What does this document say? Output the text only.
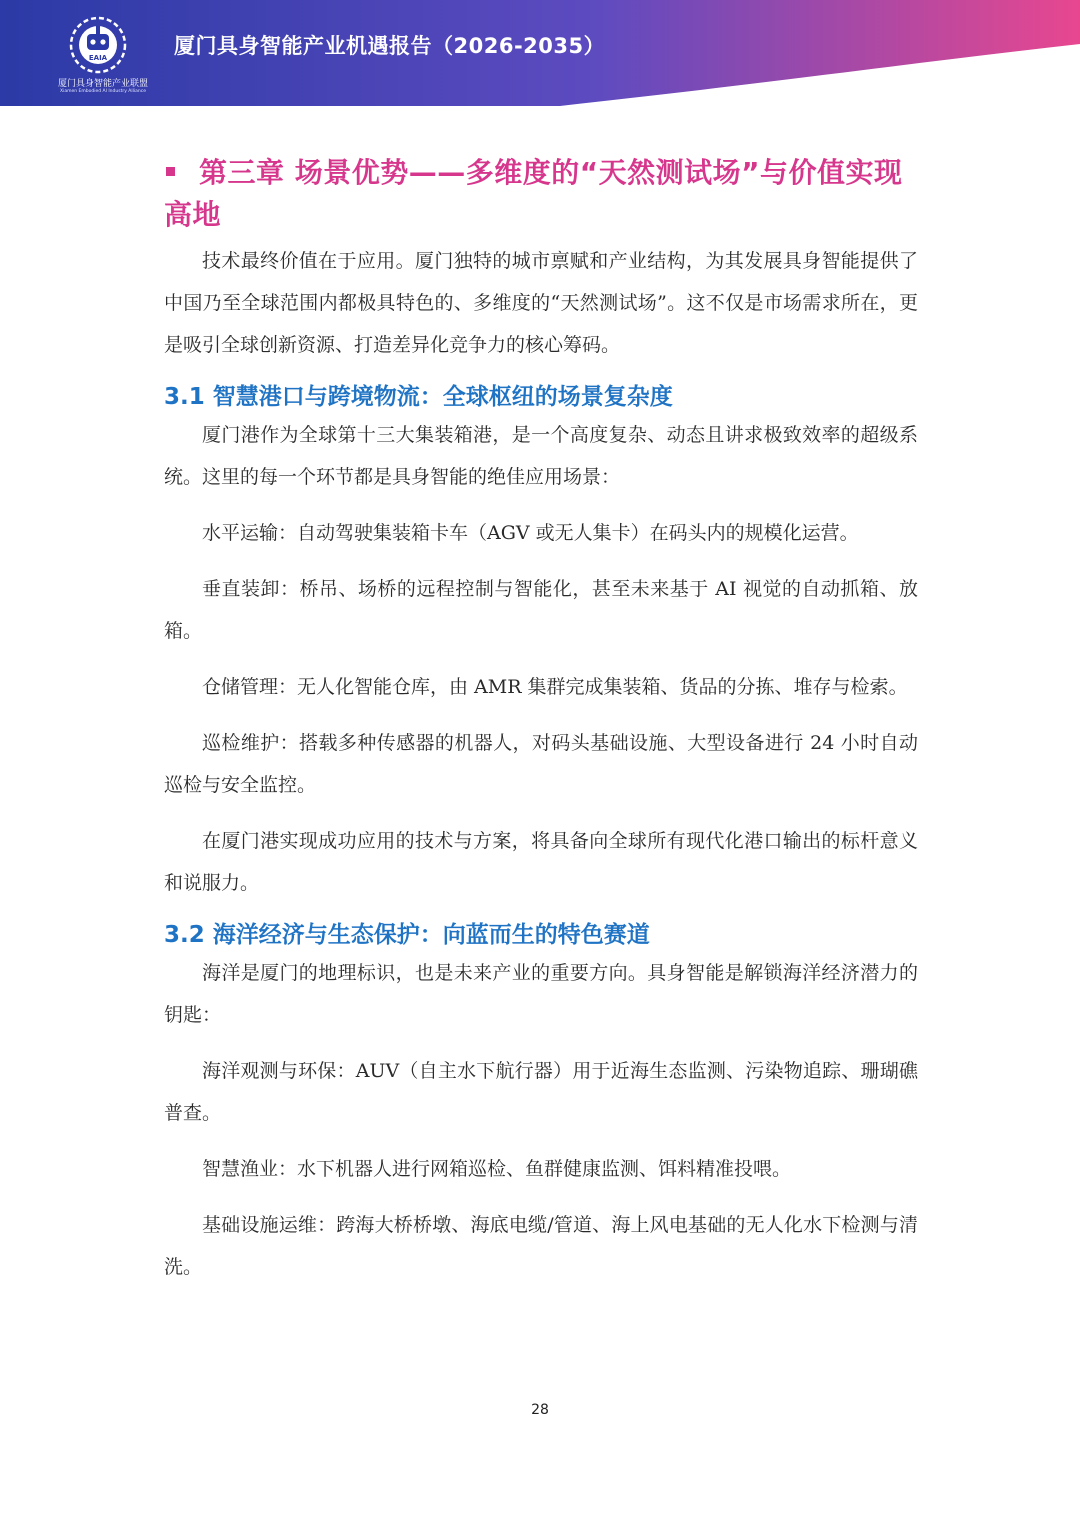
EAIA
厦门具身智能产业联盟
Xiamen Embodied AI Industry Alliance
厦门具身智能产业机遇报告（2026-2035）
第三章 场景优势——多维度的“天然测试场”与价值实现高地

技术最终价值在于应用。厦门独特的城市禀赋和产业结构，为其发展具身智能提供了中国乃至全球范围内都极具特色的、多维度的“天然测试场”。这不仅是市场需求所在，更是吸引全球创新资源、打造差异化竞争力的核心筹码。

3.1 智慧港口与跨境物流：全球枢纽的场景复杂度

厦门港作为全球第十三大集装箱港，是一个高度复杂、动态且讲求极致效率的超级系统。这里的每一个环节都是具身智能的绝佳应用场景：

水平运输：自动驾驶集装箱卡车（AGV 或无人集卡）在码头内的规模化运营。

垂直装卸：桥吊、场桥的远程控制与智能化，甚至未来基于 AI 视觉的自动抓箱、放箱。

仓储管理：无人化智能仓库，由 AMR 集群完成集装箱、货品的分拣、堆存与检索。

巡检维护：搭载多种传感器的机器人，对码头基础设施、大型设备进行 24 小时自动巡检与安全监控。

在厦门港实现成功应用的技术与方案，将具备向全球所有现代化港口输出的标杆意义和说服力。

3.2 海洋经济与生态保护：向蓝而生的特色赛道

海洋是厦门的地理标识，也是未来产业的重要方向。具身智能是解锁海洋经济潜力的钥匙：

海洋观测与环保：AUV（自主水下航行器）用于近海生态监测、污染物追踪、珊瑚礁普查。

智慧渔业：水下机器人进行网箱巡检、鱼群健康监测、饵料精准投喂。

基础设施运维：跨海大桥桥墩、海底电缆/管道、海上风电基础的无人化水下检测与清洗。

28
